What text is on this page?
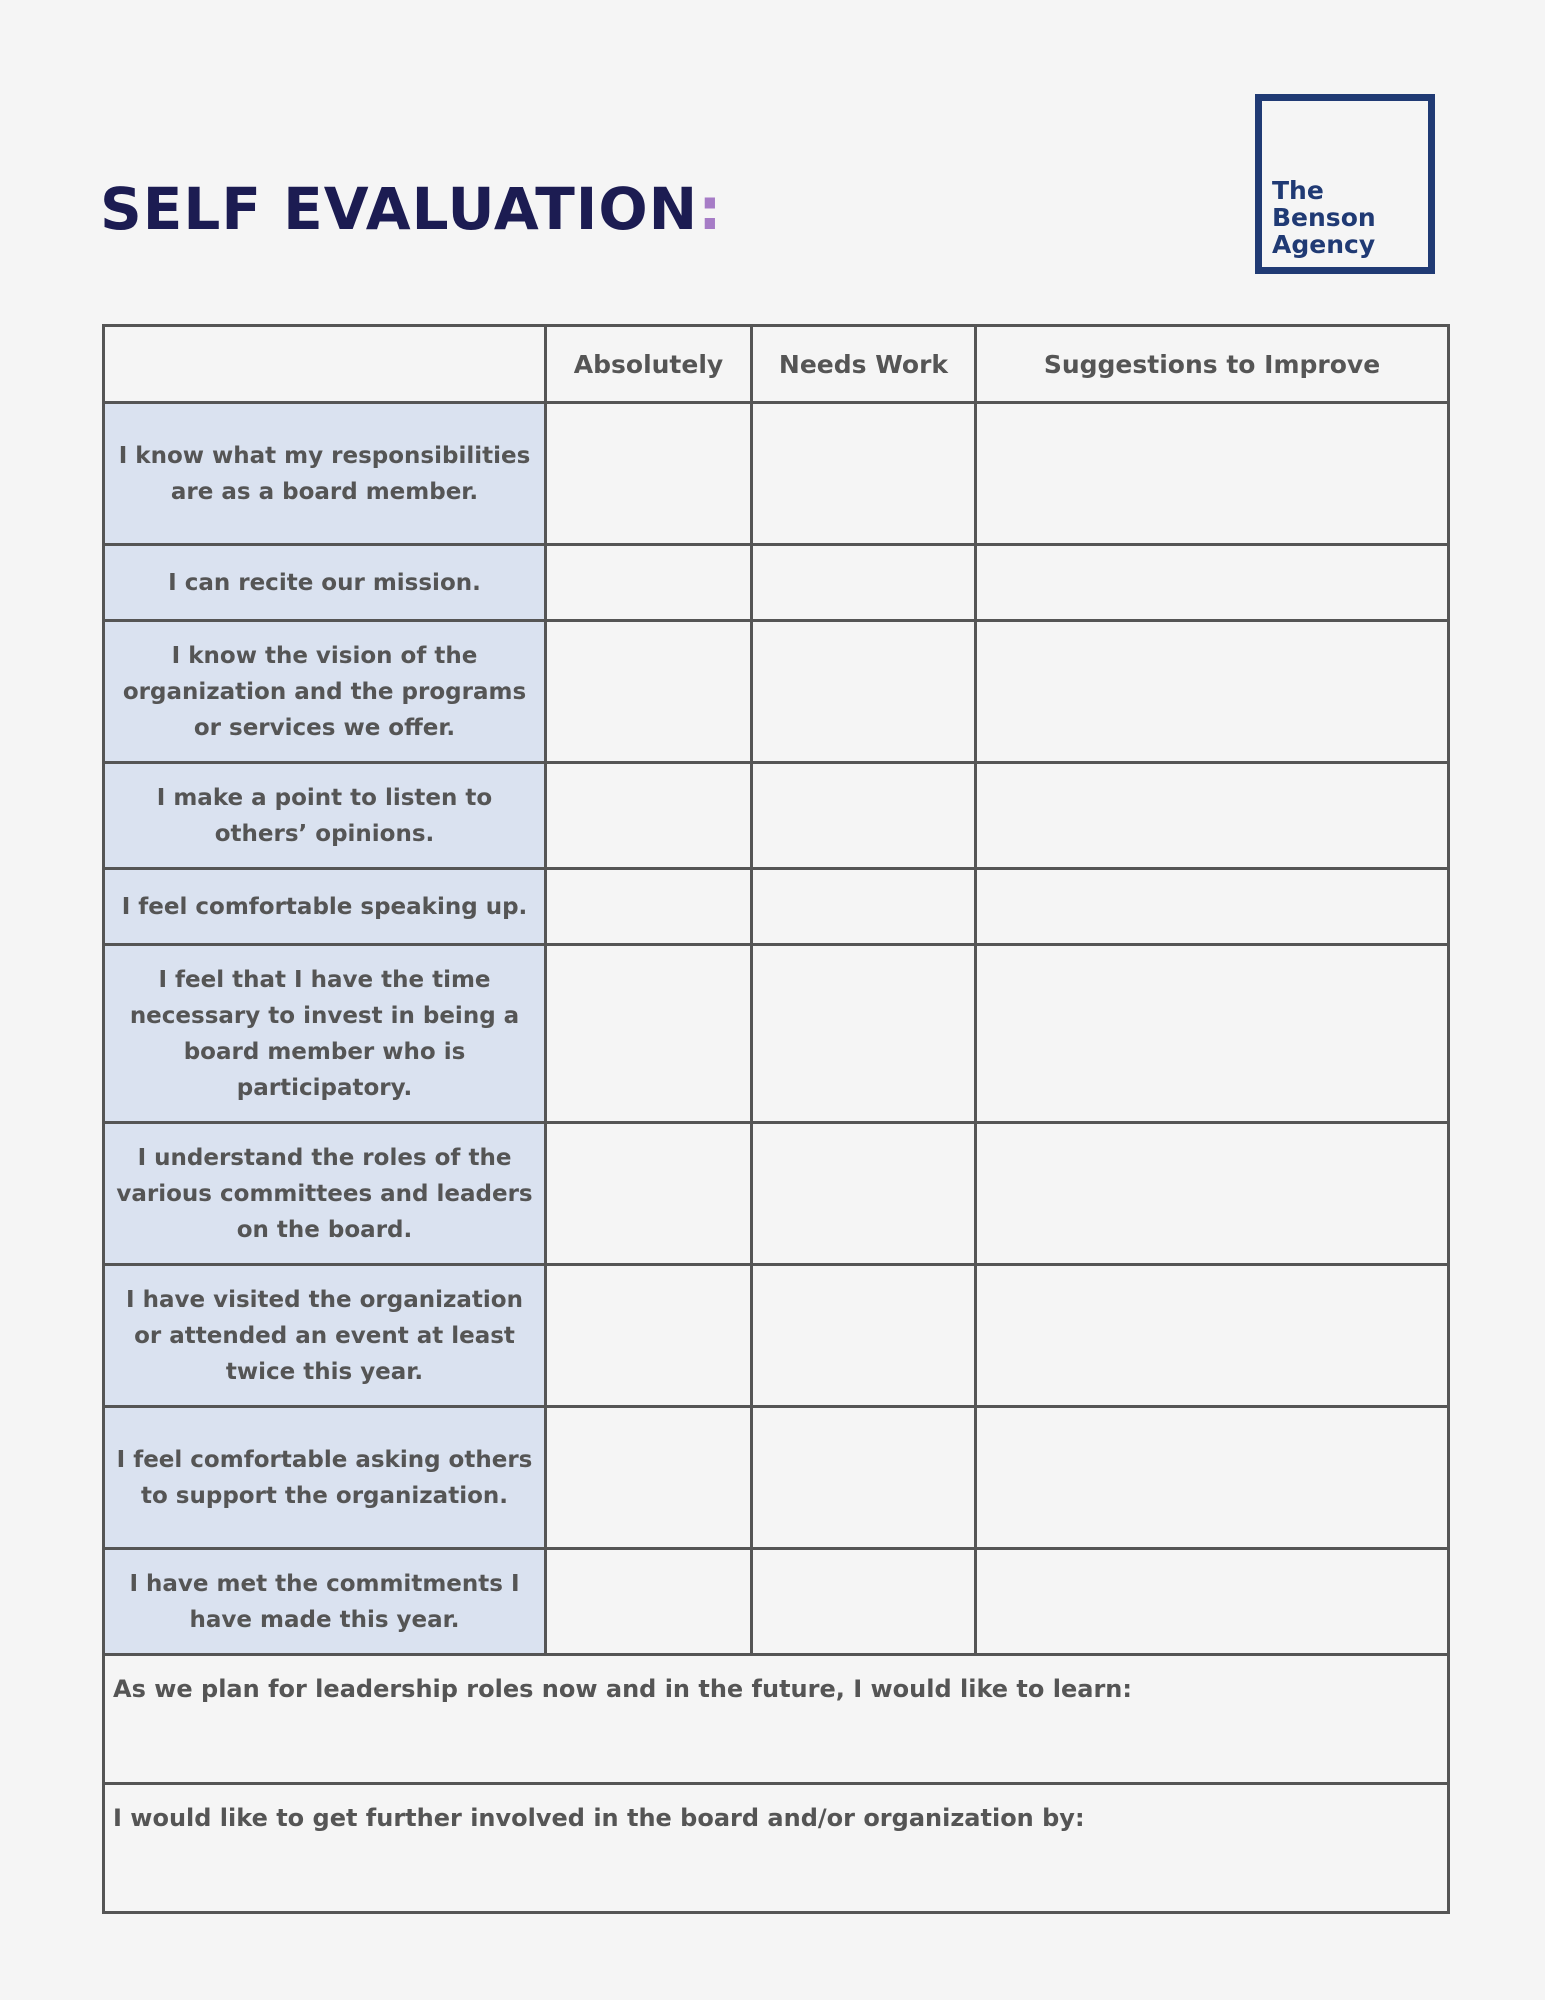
SELF EVALUATION:	The
Benson
Agency
	Absolutely	Needs Work	Suggestions to Improve
I know what my responsibilities are as a board member.			
I can recite our mission.			
I know the vision of the organization and the programs or services we offer.			
I make a point to listen to others’ opinions.			
I feel comfortable speaking up.			
I feel that I have the time necessary to invest in being a board member who is participatory.			
I understand the roles of the various committees and leaders on the board.			
I have visited the organization or attended an event at least twice this year.			
I feel comfortable asking others to support the organization.			
I have met the commitments I have made this year.			
As we plan for leadership roles now and in the future, I would like to learn:			
I would like to get further involved in the board and/or organization by:			
